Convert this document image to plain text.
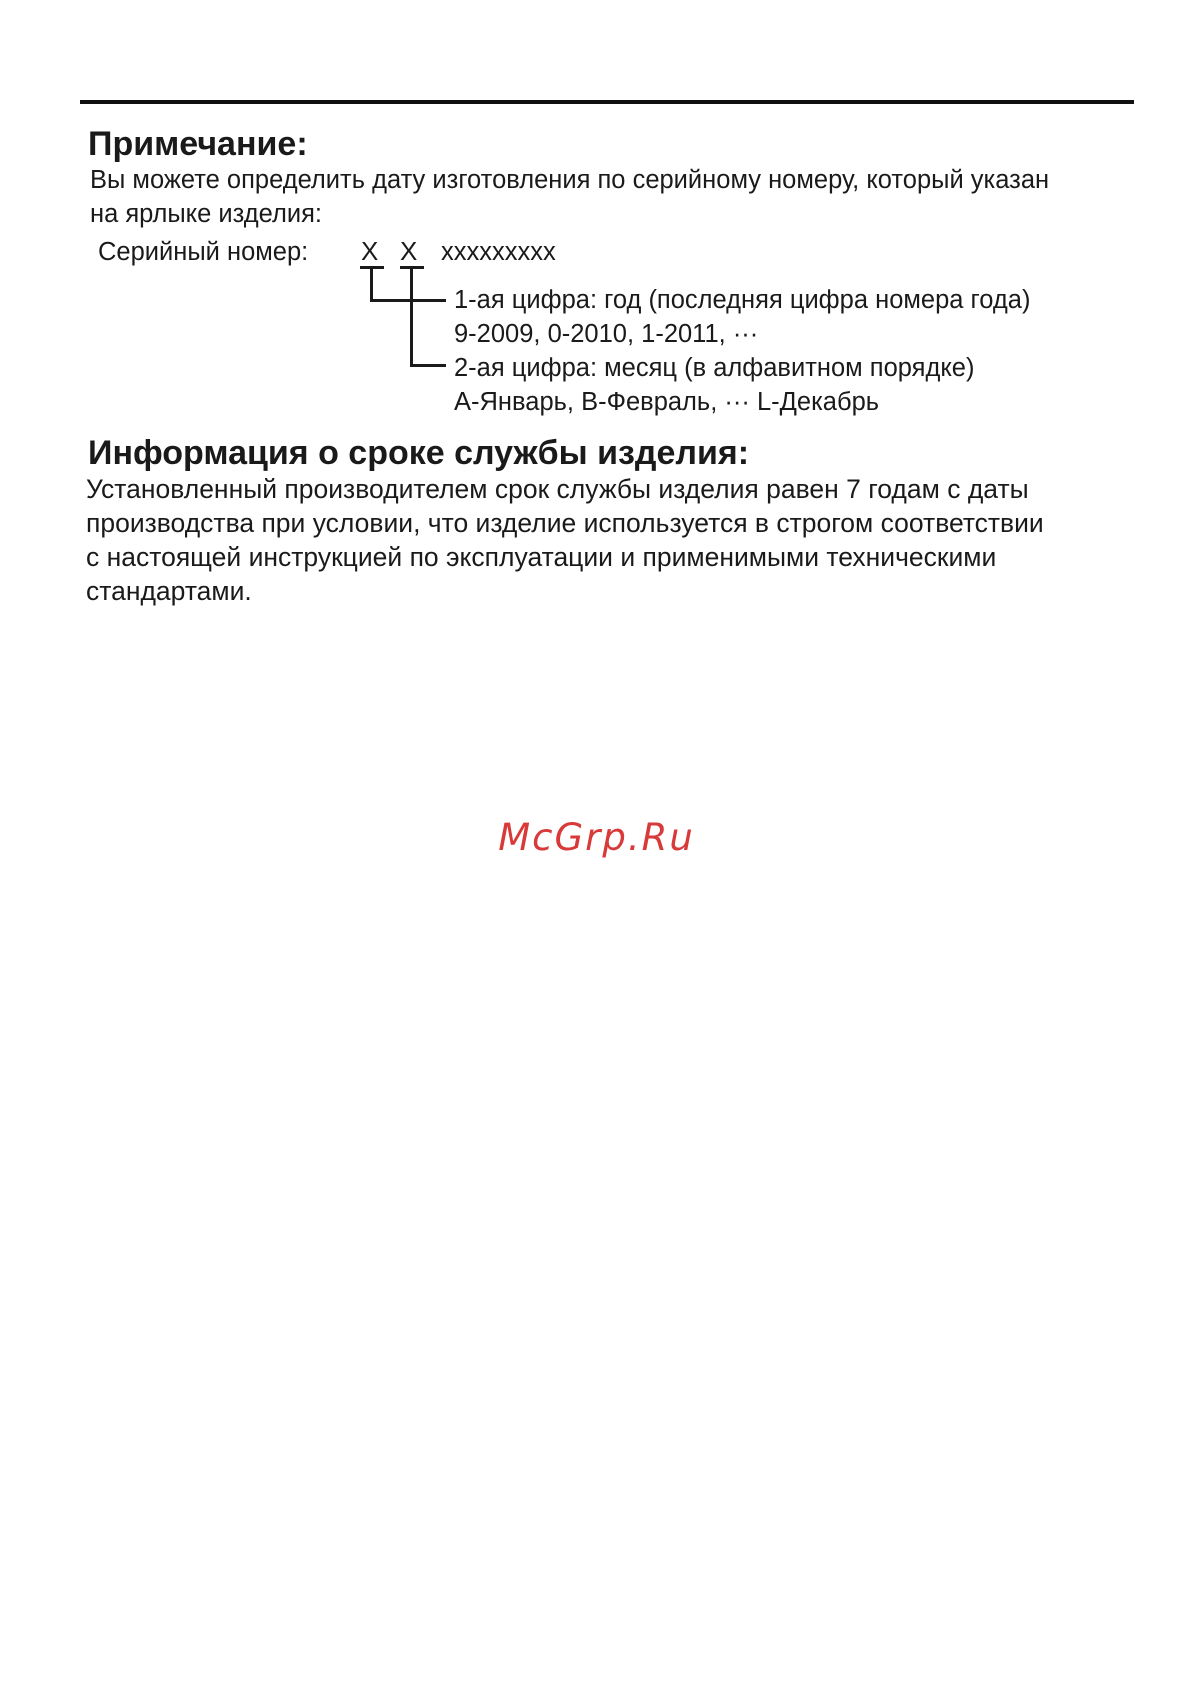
Примечание:

Вы можете определить дату изготовления по серийному номеру, который указан

на ярлыке изделия:

Серийный номер: X X xxxxxxxxx

1-ая цифра: год (последняя цифра номера года)

9-2009, 0-2010, 1-2011, ···

2-ая цифра: месяц (в алфавитном порядке)

A-Январь, B-Февраль, ··· L-Декабрь

Информация о сроке службы изделия:
Установленный производителем срок службы изделия равен 7 годам с даты
производства при условии, что изделие используется в строгом соответствии
с настоящей инструкцией по эксплуатации и применимыми техническими
стандартами.
McGrp.Ru
